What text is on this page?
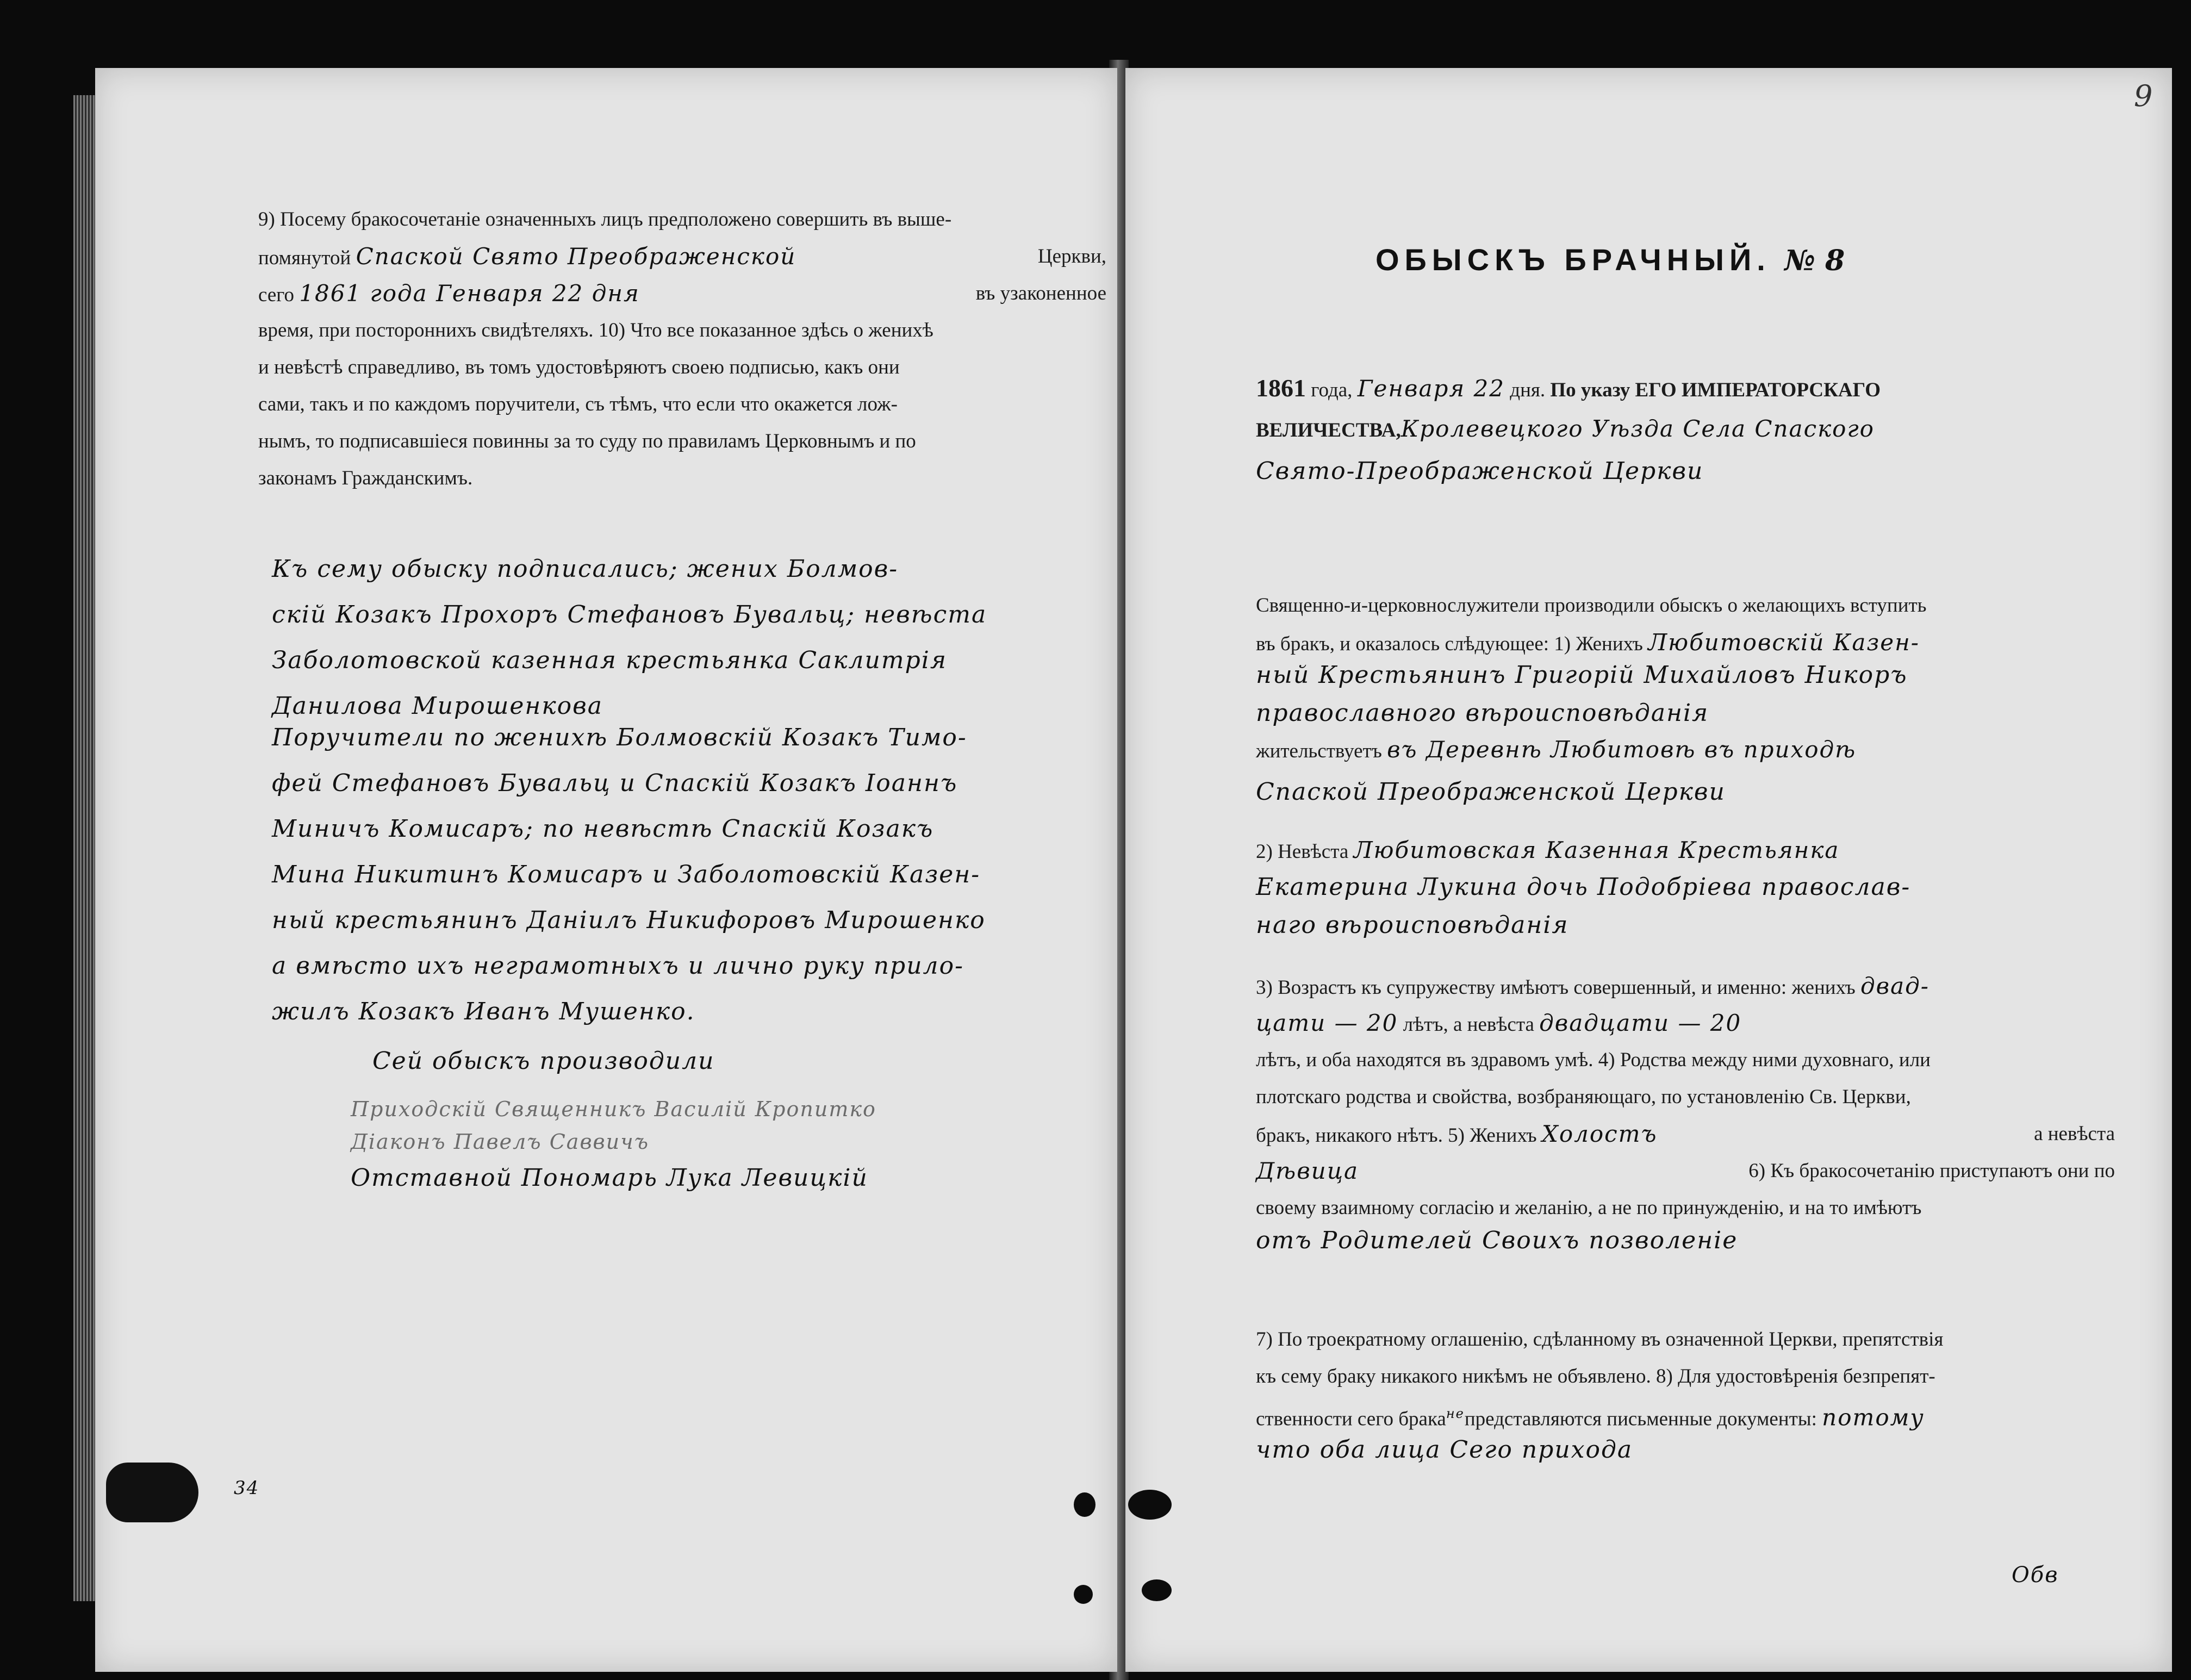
9) Посему бракосочетаніе означенныхъ лицъ предположено совершить въ выше-

помянутой Спаской Свято Преображенской	Церкви,

сего 1861 года Генваря 22 дня	въ узаконенное

время, при постороннихъ свидѣтеляхъ. 10) Что все показанное здѣсь о женихѣ

и невѣстѣ справедливо, въ томъ удостовѣряютъ своею подписью, какъ они

сами, такъ и по каждомъ поручители, съ тѣмъ, что если что окажется лож-

нымъ, то подписавшіеся повинны за то суду по правиламъ Церковнымъ и по

законамъ Гражданскимъ.

Къ сему обыску подписались; жених Болмов-

скій Козакъ Прохоръ Стефановъ Бувальц; невѣста

Заболотовской казенная крестьянка Саклитрія

Данилова Мирошенкова

Поручители по женихѣ Болмовскій Козакъ Тимо-

фей Стефановъ Бувальц и Спаскій Козакъ Іоаннъ

Миничъ Комисаръ; по невѣстѣ Спаскій Козакъ

Мина Никитинъ Комисаръ и Заболотовскій Казен-

ный крестьянинъ Даніилъ Никифоровъ Мирошенко

а вмѣсто ихъ неграмотныхъ и лично руку прило-

жилъ Козакъ Иванъ Мушенко.

Сей обыскъ производили

Приходскій Священникъ Василій Кропитко

Діаконъ Павелъ Саввичъ

Отставной Пономарь Лука Левицкій

34

9
ОБЫСКЪ БРАЧНЫЙ. № 8

1861 года, Генваря 22 дня. По указу ЕГО ИМПЕРАТОРСКАГО

ВЕЛИЧЕСТВА,Кролевецкого Уѣзда Села Спаского

Свято-Преображенской Церкви

Священно-и-церковнослужители производили обыскъ о желающихъ вступить

въ бракъ, и оказалось слѣдующее: 1) Женихъ Любитовскій Казен-

ный Крестьянинъ Григорій Михайловъ Никоръ

православного вѣроисповѣданія

жительствуетъ въ Деревнѣ Любитовѣ въ приходѣ

Спаской Преображенской Церкви

2) Невѣста Любитовская Казенная Крестьянка

Екатерина Лукина дочь Подобріева православ-

наго вѣроисповѣданія

3) Возрастъ къ супружеству имѣютъ совершенный, и именно: женихъ двад-

цати — 20 лѣтъ, а невѣста двадцати — 20

лѣтъ, и оба находятся въ здравомъ умѣ. 4) Родства между ними духовнаго, или

плотскаго родства и свойства, возбраняющаго, по установленію Св. Церкви,

бракъ, никакого нѣтъ. 5) Женихъ Холостъ	а невѣста

Дѣвица	6) Къ бракосочетанію приступаютъ они по

своему взаимному согласію и желанію, а не по принужденію, и на то имѣютъ

отъ Родителей Своихъ позволеніе

7) По троекратному оглашенію, сдѣланному въ означенной Церкви, препятствія

къ сему браку никакого никѣмъ не объявлено. 8) Для удостовѣренія безпрепят-

ственности сего брака$^{не}$представляются письменные документы: потому

что оба лица Сего прихода

Обв
